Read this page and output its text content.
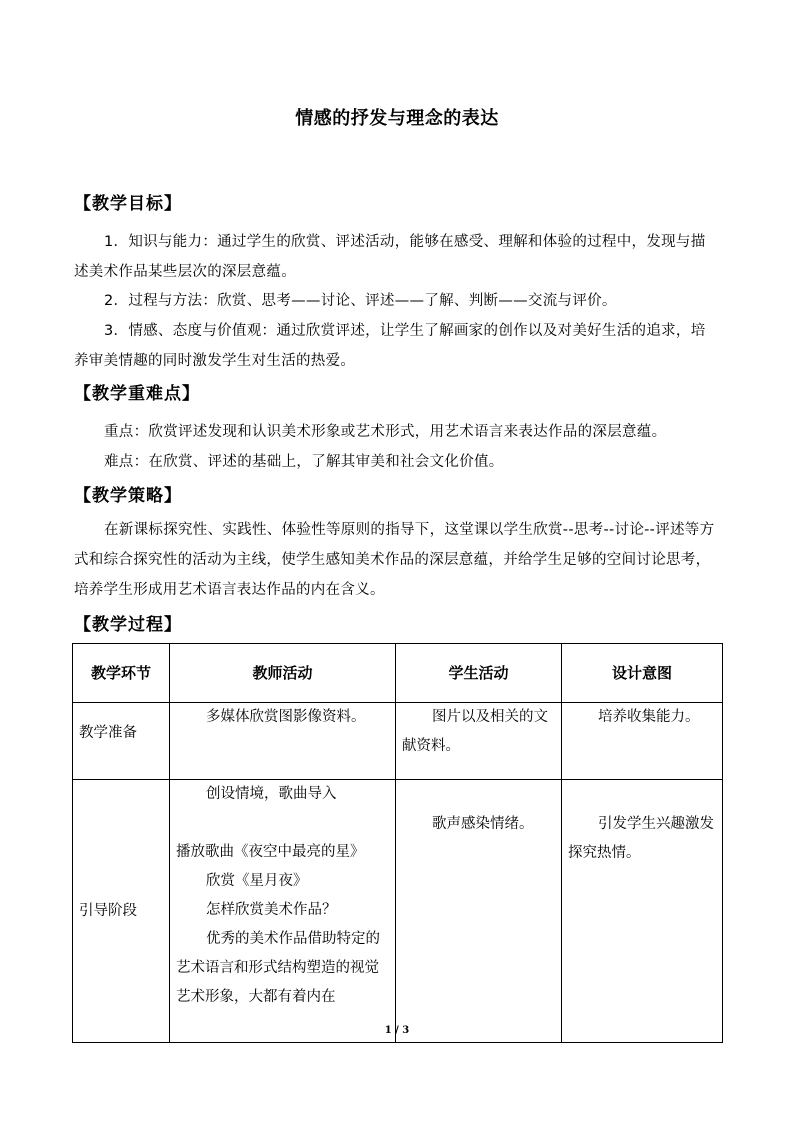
情感的抒发与理念的表达
【教学目标】
1．知识与能力：通过学生的欣赏、评述活动，能够在感受、理解和体验的过程中，发现与描述美术作品某些层次的深层意蕴。
2．过程与方法：欣赏、思考——讨论、评述——了解、判断——交流与评价。
3．情感、态度与价值观：通过欣赏评述，让学生了解画家的创作以及对美好生活的追求，培养审美情趣的同时激发学生对生活的热爱。
【教学重难点】
重点：欣赏评述发现和认识美术形象或艺术形式，用艺术语言来表达作品的深层意蕴。
难点：在欣赏、评述的基础上，了解其审美和社会文化价值。
【教学策略】
在新课标探究性、实践性、体验性等原则的指导下，这堂课以学生欣赏--思考--讨论--评述等方式和综合探究性的活动为主线，使学生感知美术作品的深层意蕴，并给学生足够的空间讨论思考，培养学生形成用艺术语言表达作品的内在含义。
【教学过程】
教学环节	教师活动	学生活动	设计意图
教学准备	多媒体欣赏图影像资料。	图片以及相关的文献资料。	培养收集能力。
引导阶段	创设情境，歌曲导入
播放歌曲《夜空中最亮的星》
欣赏《星月夜》
怎样欣赏美术作品？
优秀的美术作品借助特定的艺术语言和形式结构塑造的视觉艺术形象，大都有着内在	歌声感染情绪。	引发学生兴趣激发探究热情。
1 / 3
